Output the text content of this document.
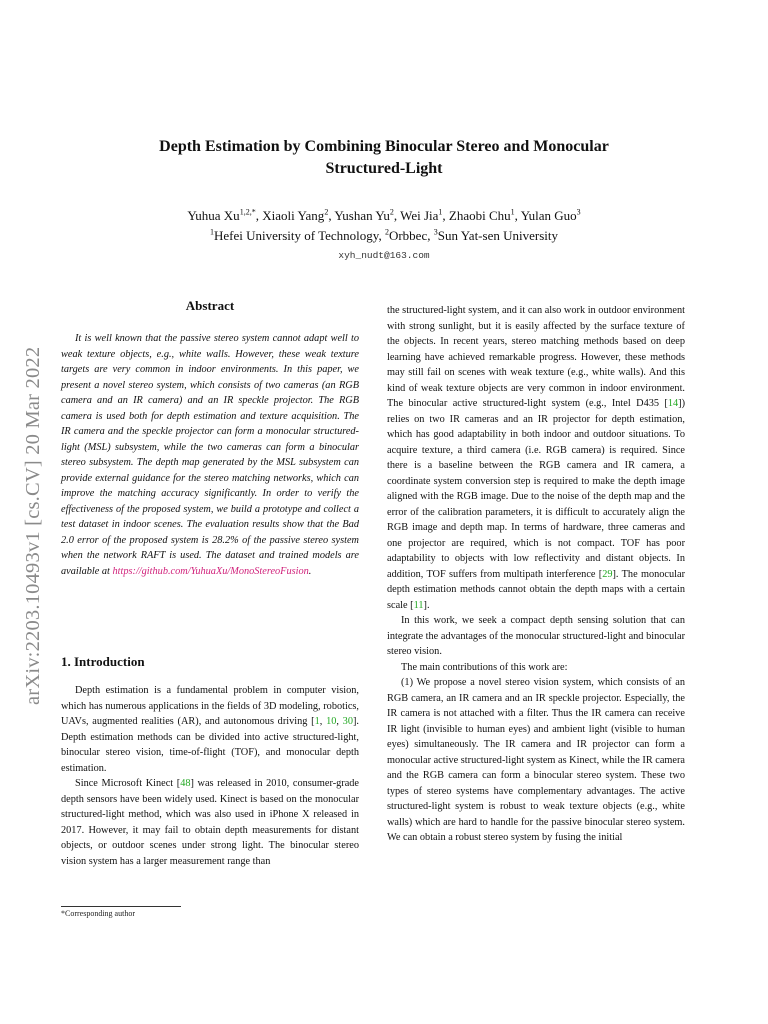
arXiv:2203.10493v1 [cs.CV] 20 Mar 2022
Depth Estimation by Combining Binocular Stereo and Monocular
Structured-Light
Yuhua $Xu^{1,2,*}$, Xiaoli Yang$^2$, Yushan Yu$^2$, Wei Jia$^1$, Zhaobi Chu$^1$, Yulan Guo$^3$
$^1$Hefei University of Technology, $^2$Orbbec, $^3$Sun Yat-sen University
xyh_nudt@163.com
Abstract

It is well known that the passive stereo system cannot adapt well to weak texture objects, e.g., white walls. However, these weak texture targets are very common in indoor environments. In this paper, we present a novel stereo system, which consists of two cameras (an RGB camera and an IR camera) and an IR speckle projector. The RGB camera is used both for depth estimation and texture acquisition. The IR camera and the speckle projector can form a monocular structured-light (MSL) subsystem, while the two cameras can form a binocular stereo subsystem. The depth map generated by the MSL subsystem can provide external guidance for the stereo matching networks, which can improve the matching accuracy significantly. In order to verify the effectiveness of the proposed system, we build a prototype and collect a test dataset in indoor scenes. The evaluation results show that the Bad 2.0 error of the proposed system is 28.2% of the passive stereo system when the network RAFT is used. The dataset and trained models are available at https://github.com/YuhuaXu/MonoStereoFusion.

1. Introduction

Depth estimation is a fundamental problem in computer vision, which has numerous applications in the fields of 3D modeling, robotics, UAVs, augmented realities (AR), and autonomous driving [1, 10, 30]. Depth estimation methods can be divided into active structured-light, binocular stereo vision, time-of-flight (TOF), and monocular depth estimation.

Since Microsoft Kinect [48] was released in 2010, consumer-grade depth sensors have been widely used. Kinect is based on the monocular structured-light method, which was also used in iPhone X released in 2017. However, it may fail to obtain depth measurements for distant objects, or outdoor scenes under strong light. The binocular stereo vision system has a larger measurement range than

the structured-light system, and it can also work in outdoor environment with strong sunlight, but it is easily affected by the surface texture of the objects. In recent years, stereo matching methods based on deep learning have achieved remarkable progress. However, these methods may still fail on scenes with weak texture (e.g., white walls). And this kind of weak texture objects are very common in indoor environment. The binocular active structured-light system (e.g., Intel D435 [14]) relies on two IR cameras and an IR projector for depth estimation, which has good adaptability in both indoor and outdoor situations. To acquire texture, a third camera (i.e. RGB camera) is required. Since there is a baseline between the RGB camera and IR camera, a coordinate system conversion step is required to make the depth image aligned with the RGB image. Due to the noise of the depth map and the error of the calibration parameters, it is difficult to accurately align the RGB image and depth map. In terms of hardware, three cameras and one projector are required, which is not compact. TOF has poor adaptability to objects with low reflectivity and distant objects. In addition, TOF suffers from multipath interference [29]. The monocular depth estimation methods cannot obtain the depth maps with a certain scale [11].

In this work, we seek a compact depth sensing solution that can integrate the advantages of the monocular structured-light and binocular stereo vision.

The main contributions of this work are:

(1) We propose a novel stereo vision system, which consists of an RGB camera, an IR camera and an IR speckle projector. Especially, the IR camera is not attached with a filter. Thus the IR camera can receive IR light (invisible to human eyes) and ambient light (visible to human eyes) simultaneously. The IR camera and IR projector can form a monocular active structured-light system as Kinect, while the IR camera and the RGB camera can form a binocular stereo system. These two types of stereo systems have complementary advantages. The active structured-light system is robust to weak texture objects (e.g., white walls) which are hard to handle for the passive binocular stereo system. We can obtain a robust stereo system by fusing the initial

*Corresponding author
